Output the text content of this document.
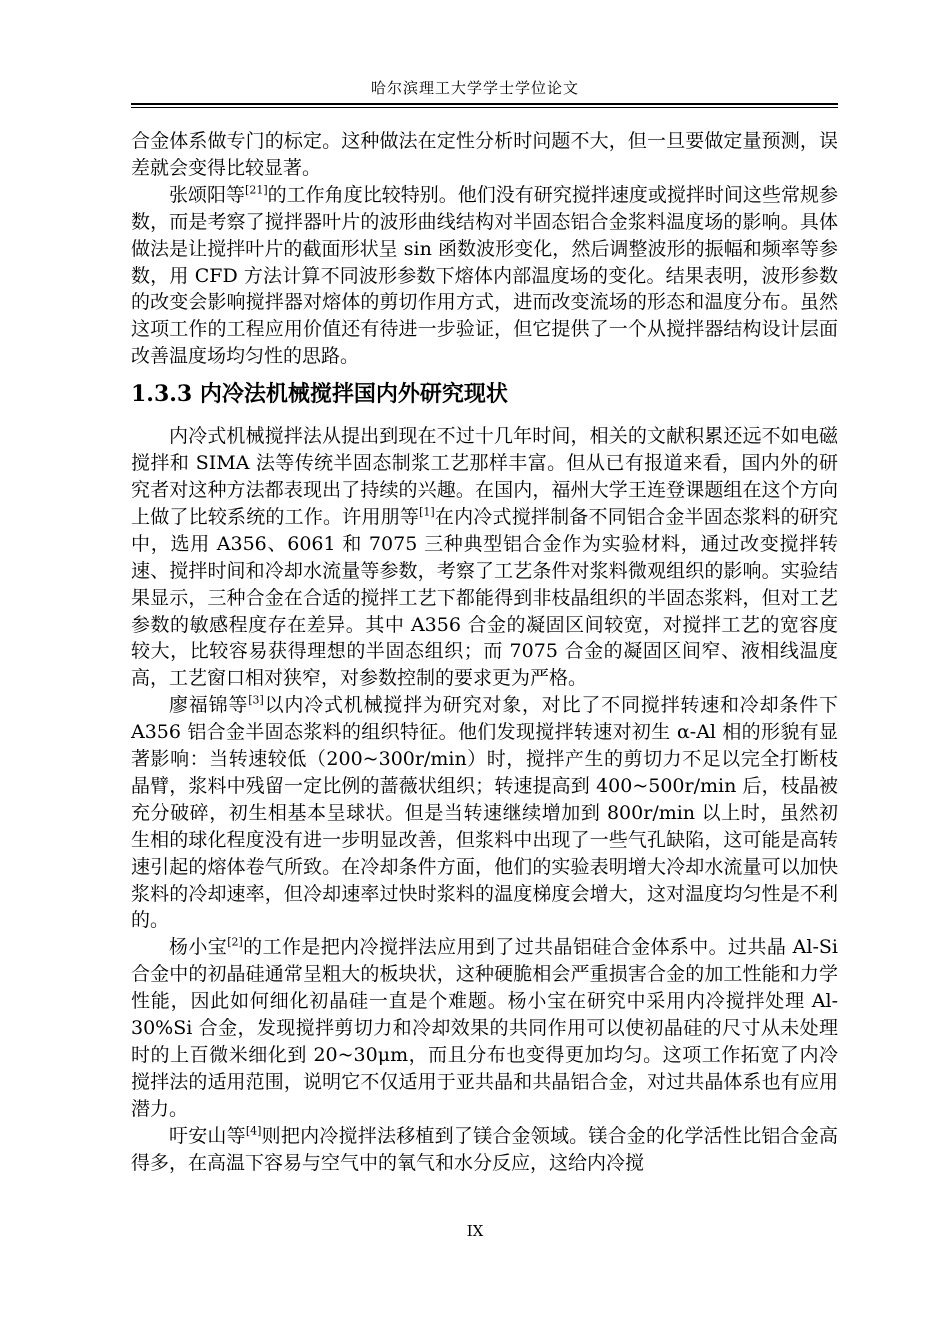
哈尔滨理工大学学士学位论文

合金体系做专门的标定。这种做法在定性分析时问题不大，但一旦要做定量预测，误差就会变得比较显著。

张颂阳等[21]的工作角度比较特别。他们没有研究搅拌速度或搅拌时间这些常规参数，而是考察了搅拌器叶片的波形曲线结构对半固态铝合金浆料温度场的影响。具体做法是让搅拌叶片的截面形状呈 sin 函数波形变化，然后调整波形的振幅和频率等参数，用 CFD 方法计算不同波形参数下熔体内部温度场的变化。结果表明，波形参数的改变会影响搅拌器对熔体的剪切作用方式，进而改变流场的形态和温度分布。虽然这项工作的工程应用价值还有待进一步验证，但它提供了一个从搅拌器结构设计层面改善温度场均匀性的思路。

1.3.3 内冷法机械搅拌国内外研究现状

内冷式机械搅拌法从提出到现在不过十几年时间，相关的文献积累还远不如电磁搅拌和 SIMA 法等传统半固态制浆工艺那样丰富。但从已有报道来看，国内外的研究者对这种方法都表现出了持续的兴趣。在国内，福州大学王连登课题组在这个方向上做了比较系统的工作。许用朋等[1]在内冷式搅拌制备不同铝合金半固态浆料的研究中，选用 A356、6061 和 7075 三种典型铝合金作为实验材料，通过改变搅拌转速、搅拌时间和冷却水流量等参数，考察了工艺条件对浆料微观组织的影响。实验结果显示，三种合金在合适的搅拌工艺下都能得到非枝晶组织的半固态浆料，但对工艺参数的敏感程度存在差异。其中 A356 合金的凝固区间较宽，对搅拌工艺的宽容度较大，比较容易获得理想的半固态组织；而 7075 合金的凝固区间窄、液相线温度高，工艺窗口相对狭窄，对参数控制的要求更为严格。

廖福锦等[3]以内冷式机械搅拌为研究对象，对比了不同搅拌转速和冷却条件下 A356 铝合金半固态浆料的组织特征。他们发现搅拌转速对初生 α-Al 相的形貌有显著影响：当转速较低（200~300r/min）时，搅拌产生的剪切力不足以完全打断枝晶臂，浆料中残留一定比例的蔷薇状组织；转速提高到 400~500r/min 后，枝晶被充分破碎，初生相基本呈球状。但是当转速继续增加到 800r/min 以上时，虽然初生相的球化程度没有进一步明显改善，但浆料中出现了一些气孔缺陷，这可能是高转速引起的熔体卷气所致。在冷却条件方面，他们的实验表明增大冷却水流量可以加快浆料的冷却速率，但冷却速率过快时浆料的温度梯度会增大，这对温度均匀性是不利的。

杨小宝[2]的工作是把内冷搅拌法应用到了过共晶铝硅合金体系中。过共晶 Al-Si 合金中的初晶硅通常呈粗大的板块状，这种硬脆相会严重损害合金的加工性能和力学性能，因此如何细化初晶硅一直是个难题。杨小宝在研究中采用内冷搅拌处理 Al-30%Si 合金，发现搅拌剪切力和冷却效果的共同作用可以使初晶硅的尺寸从未处理时的上百微米细化到 20~30μm，而且分布也变得更加均匀。这项工作拓宽了内冷搅拌法的适用范围，说明它不仅适用于亚共晶和共晶铝合金，对过共晶体系也有应用潜力。

吁安山等[4]则把内冷搅拌法移植到了镁合金领域。镁合金的化学活性比铝合金高得多，在高温下容易与空气中的氧气和水分反应，这给内冷搅

IX
